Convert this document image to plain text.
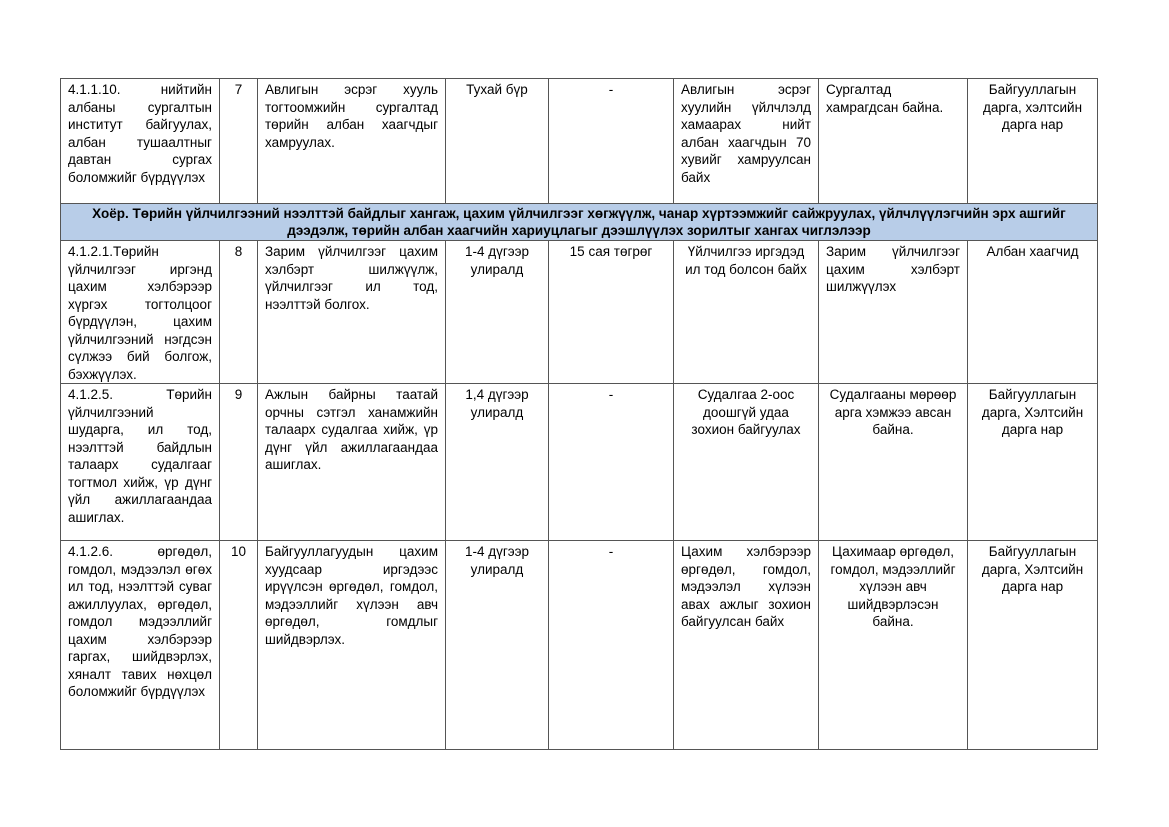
4.1.1.10. нийтийн албаны сургалтын институт байгуулах, албан тушаалтныг давтан сургах боломжийг бүрдүүлэх	7	Авлигын эсрэг хууль тогтоомжийн сургалтад төрийн албан хаагчдыг хамруулах.	Тухай бүр	-	Авлигын эсрэг хуулийн үйлчлэлд хамаарах нийт албан хаагчдын 70 хувийг хамруулсан байх	Сургалтад хамрагдсан байна.	Байгууллагын дарга, хэлтсийн дарга нар
Хоёр. Төрийн үйлчилгээний нээлттэй байдлыг хангаж, цахим үйлчилгээг хөгжүүлж, чанар хүртээмжийг сайжруулах, үйлчлүүлэгчийн эрх ашгийг дээдэлж, төрийн албан хаагчийн хариуцлагыг дээшлүүлэх зорилтыг хангах чиглэлээр							
4.1.2.1.Төрийн үйлчилгээг иргэнд цахим хэлбэрээр хүргэх тогтолцоог бүрдүүлэн, цахим үйлчилгээний нэгдсэн сүлжээ бий болгож, бэхжүүлэх.	8	Зарим үйлчилгээг цахим хэлбэрт шилжүүлж, үйлчилгээг ил тод, нээлттэй болгох.	1-4 дүгээр улиралд	15 сая төгрөг	Үйлчилгээ иргэдэд ил тод болсон байх	Зарим үйлчилгээг цахим хэлбэрт шилжүүлэх	Албан хаагчид
4.1.2.5. Төрийн үйлчилгээний шударга, ил тод, нээлттэй байдлын талаарх судалгааг тогтмол хийж, үр дүнг үйл ажиллагаандаа ашиглах.	9	Ажлын байрны таатай орчны сэтгэл ханамжийн талаарх судалгаа хийж, үр дүнг үйл ажиллагаандаа ашиглах.	1,4 дүгээр улиралд	-	Судалгаа 2-оос доошгүй удаа зохион байгуулах	Судалгааны мөрөөр арга хэмжээ авсан байна.	Байгууллагын дарга, Хэлтсийн дарга нар
4.1.2.6. өргөдөл, гомдол, мэдээлэл өгөх ил тод, нээлттэй суваг ажиллуулах, өргөдөл, гомдол мэдээллийг цахим хэлбэрээр гаргах, шийдвэрлэх, хяналт тавих нөхцөл боломжийг бүрдүүлэх	10	Байгууллагуудын цахим хуудсаар иргэдээс ирүүлсэн өргөдөл, гомдол, мэдээллийг хүлээн авч өргөдөл, гомдлыг шийдвэрлэх.	1-4 дүгээр улиралд	-	Цахим хэлбэрээр өргөдөл, гомдол, мэдээлэл хүлээн авах ажлыг зохион байгуулсан байх	Цахимаар өргөдөл, гомдол, мэдээллийг хүлээн авч шийдвэрлэсэн байна.	Байгууллагын дарга, Хэлтсийн дарга нар
